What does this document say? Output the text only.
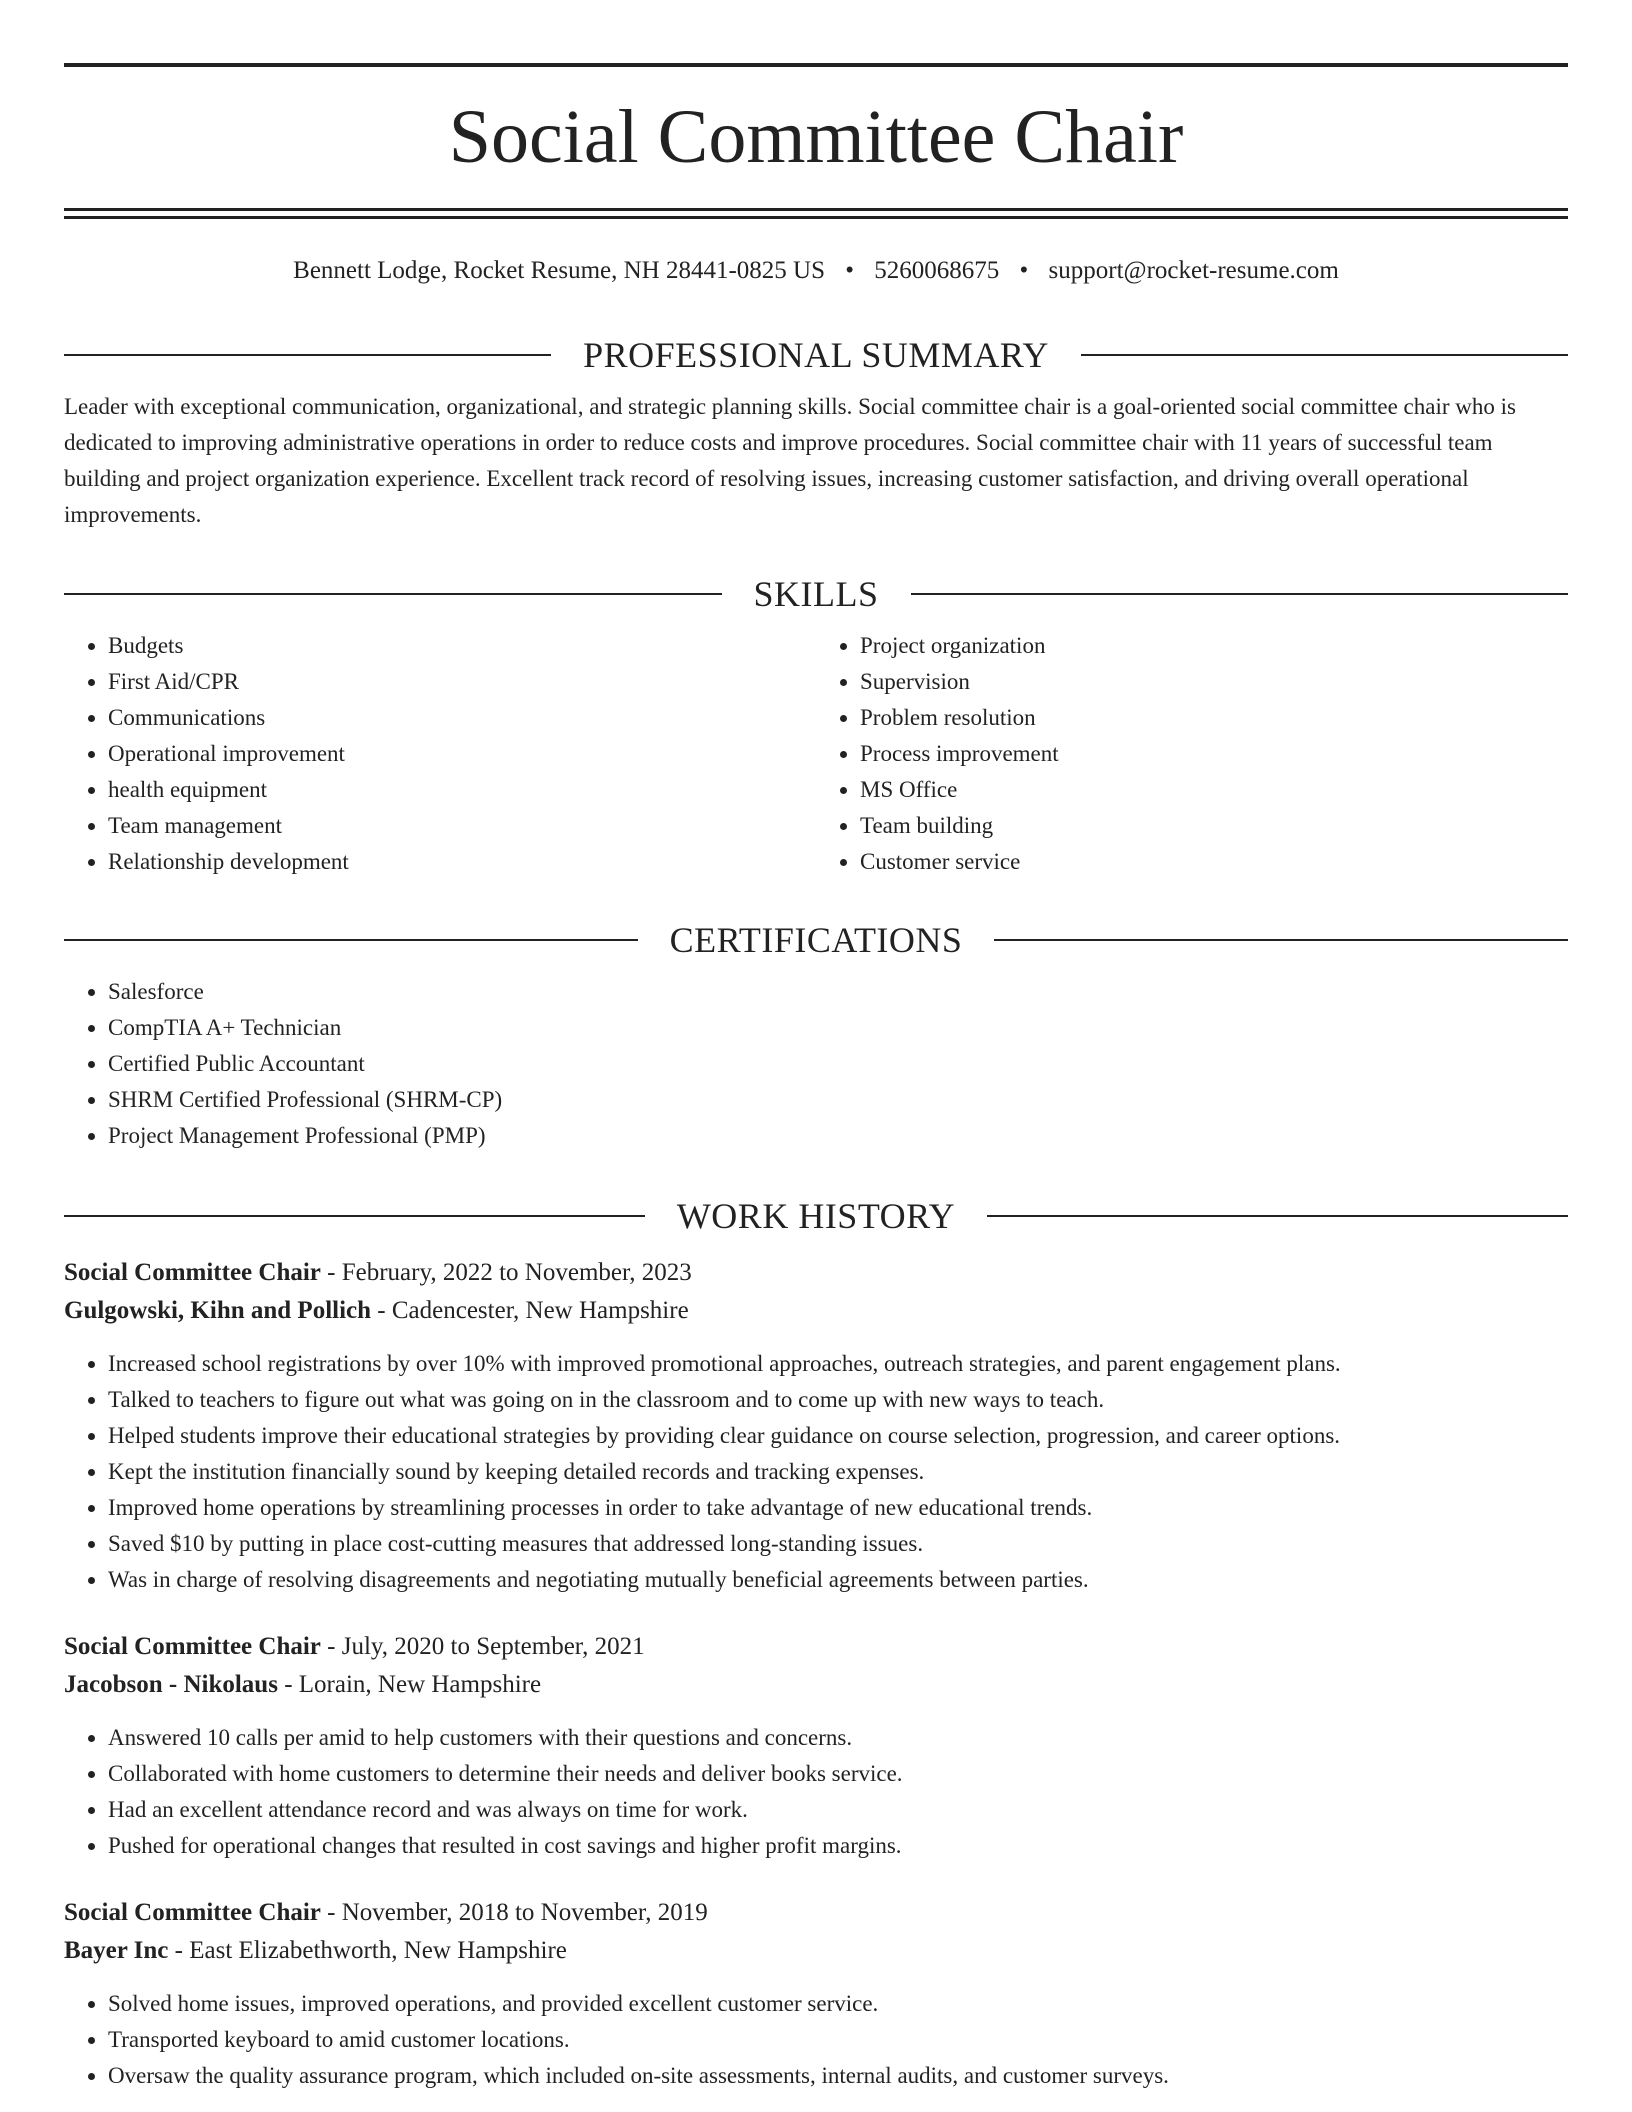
Social Committee Chair
Bennett Lodge, Rocket Resume, NH 28441-0825 US • 5260068675 • support@rocket-resume.com
PROFESSIONAL SUMMARY

Leader with exceptional communication, organizational, and strategic planning skills. Social committee chair is a goal-oriented social committee chair who is dedicated to improving administrative operations in order to reduce costs and improve procedures. Social committee chair with 11 years of successful team building and project organization experience. Excellent track record of resolving issues, increasing customer satisfaction, and driving overall operational improvements.

SKILLS
• Budgets
• First Aid/CPR
• Communications
• Operational improvement
• health equipment
• Team management
• Relationship development
• Project organization
• Supervision
• Problem resolution
• Process improvement
• MS Office
• Team building
• Customer service
CERTIFICATIONS
• Salesforce
• CompTIA A+ Technician
• Certified Public Accountant
• SHRM Certified Professional (SHRM-CP)
• Project Management Professional (PMP)
WORK HISTORY
Social Committee Chair - February, 2022 to November, 2023
Gulgowski, Kihn and Pollich - Cadencester, New Hampshire
• Increased school registrations by over 10% with improved promotional approaches, outreach strategies, and parent engagement plans.
• Talked to teachers to figure out what was going on in the classroom and to come up with new ways to teach.
• Helped students improve their educational strategies by providing clear guidance on course selection, progression, and career options.
• Kept the institution financially sound by keeping detailed records and tracking expenses.
• Improved home operations by streamlining processes in order to take advantage of new educational trends.
• Saved $10 by putting in place cost-cutting measures that addressed long-standing issues.
• Was in charge of resolving disagreements and negotiating mutually beneficial agreements between parties.
Social Committee Chair - July, 2020 to September, 2021
Jacobson - Nikolaus - Lorain, New Hampshire
• Answered 10 calls per amid to help customers with their questions and concerns.
• Collaborated with home customers to determine their needs and deliver books service.
• Had an excellent attendance record and was always on time for work.
• Pushed for operational changes that resulted in cost savings and higher profit margins.
Social Committee Chair - November, 2018 to November, 2019
Bayer Inc - East Elizabethworth, New Hampshire
• Solved home issues, improved operations, and provided excellent customer service.
• Transported keyboard to amid customer locations.
• Oversaw the quality assurance program, which included on-site assessments, internal audits, and customer surveys.
